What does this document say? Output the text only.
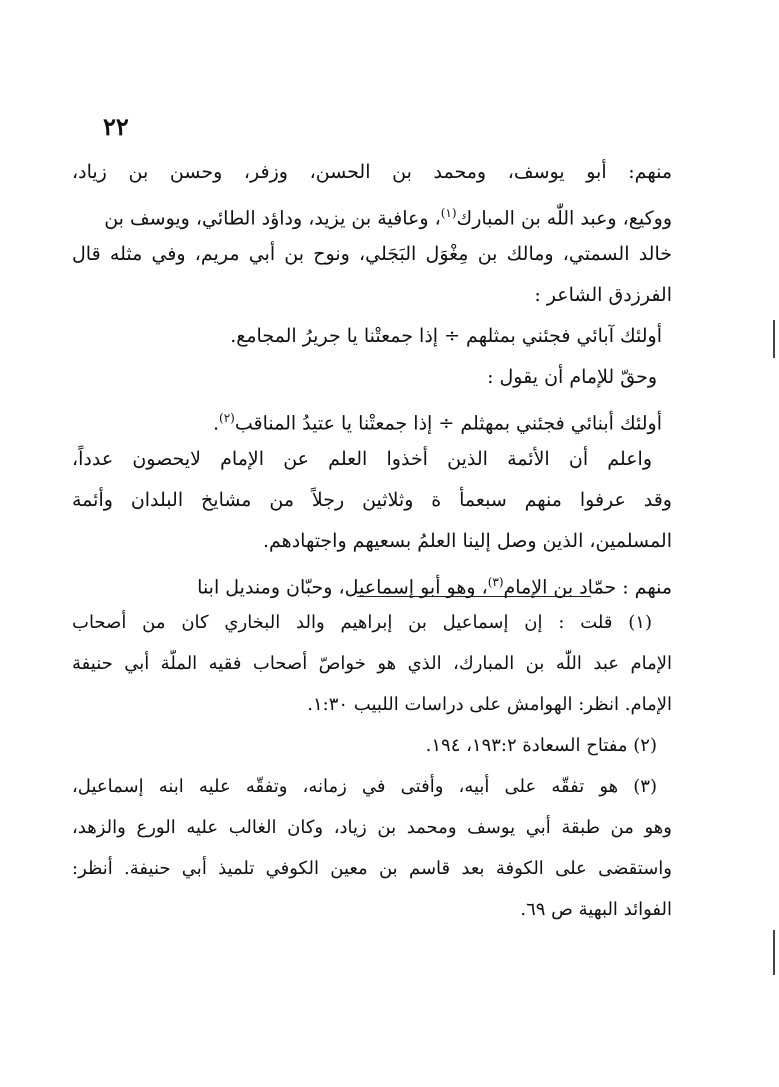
٢٢
منهم: أبو يوسف، ومحمد بن الحسن، وزفر، وحسن بن زياد،
ووكيع، وعبد اللّٰه بن المبارك$^{(١)}$، وعافية بن يزيد، وداؤد الطائي، ويوسف بن
خالد السمتي، ومالك بن مِغْوَل البَجَلي، ونوح بن أبي مريم، وفي مثله قال
الفرزدق الشاعر :
أولئك آبائي فجئني بمثلهم ÷ إذا جمعتْنا يا جريرُ المجامع.
وحقّ للإمام أن يقول :
أولئك أبنائي فجئني بمهثلم ÷ إذا جمعتْنا يا عتيدُ المناقب$^{(٢)}$.
واعلم أن الأئمة الذين أخذوا العلم عن الإمام لايحصون عدداً،
وقد عرفوا منهم سبعمأ ة وثلاثين رجلاً من مشايخ البلدان وأئمة
المسلمين، الذين وصل إلينا العلمُ بسعيهم واجتهادهم.
منهم : حمّاد بن الإمام$^{(٣)}$، وهو أبو إسماعيل، وحبّان ومنديل ابنا
(١) قلت : إن إسماعيل بن إبراهيم والد البخاري كان من أصحاب
الإمام عبد اللّٰه بن المبارك، الذي هو خواصّ أصحاب فقيه الملّة أبي حنيفة
الإمام. انظر: الهوامش على دراسات اللبيب ١:٣٠.
(٢) مفتاح السعادة ١٩٣:٢، ١٩٤.
(٣) هو تفقّه على أبيه، وأفتى في زمانه، وتفقّه عليه ابنه إسماعيل،
وهو من طبقة أبي يوسف ومحمد بن زياد، وكان الغالب عليه الورع والزهد،
واستقضى على الكوفة بعد قاسم بن معين الكوفي تلميذ أبي حنيفة. أنظر:
الفوائد البهية ص ٦٩.
